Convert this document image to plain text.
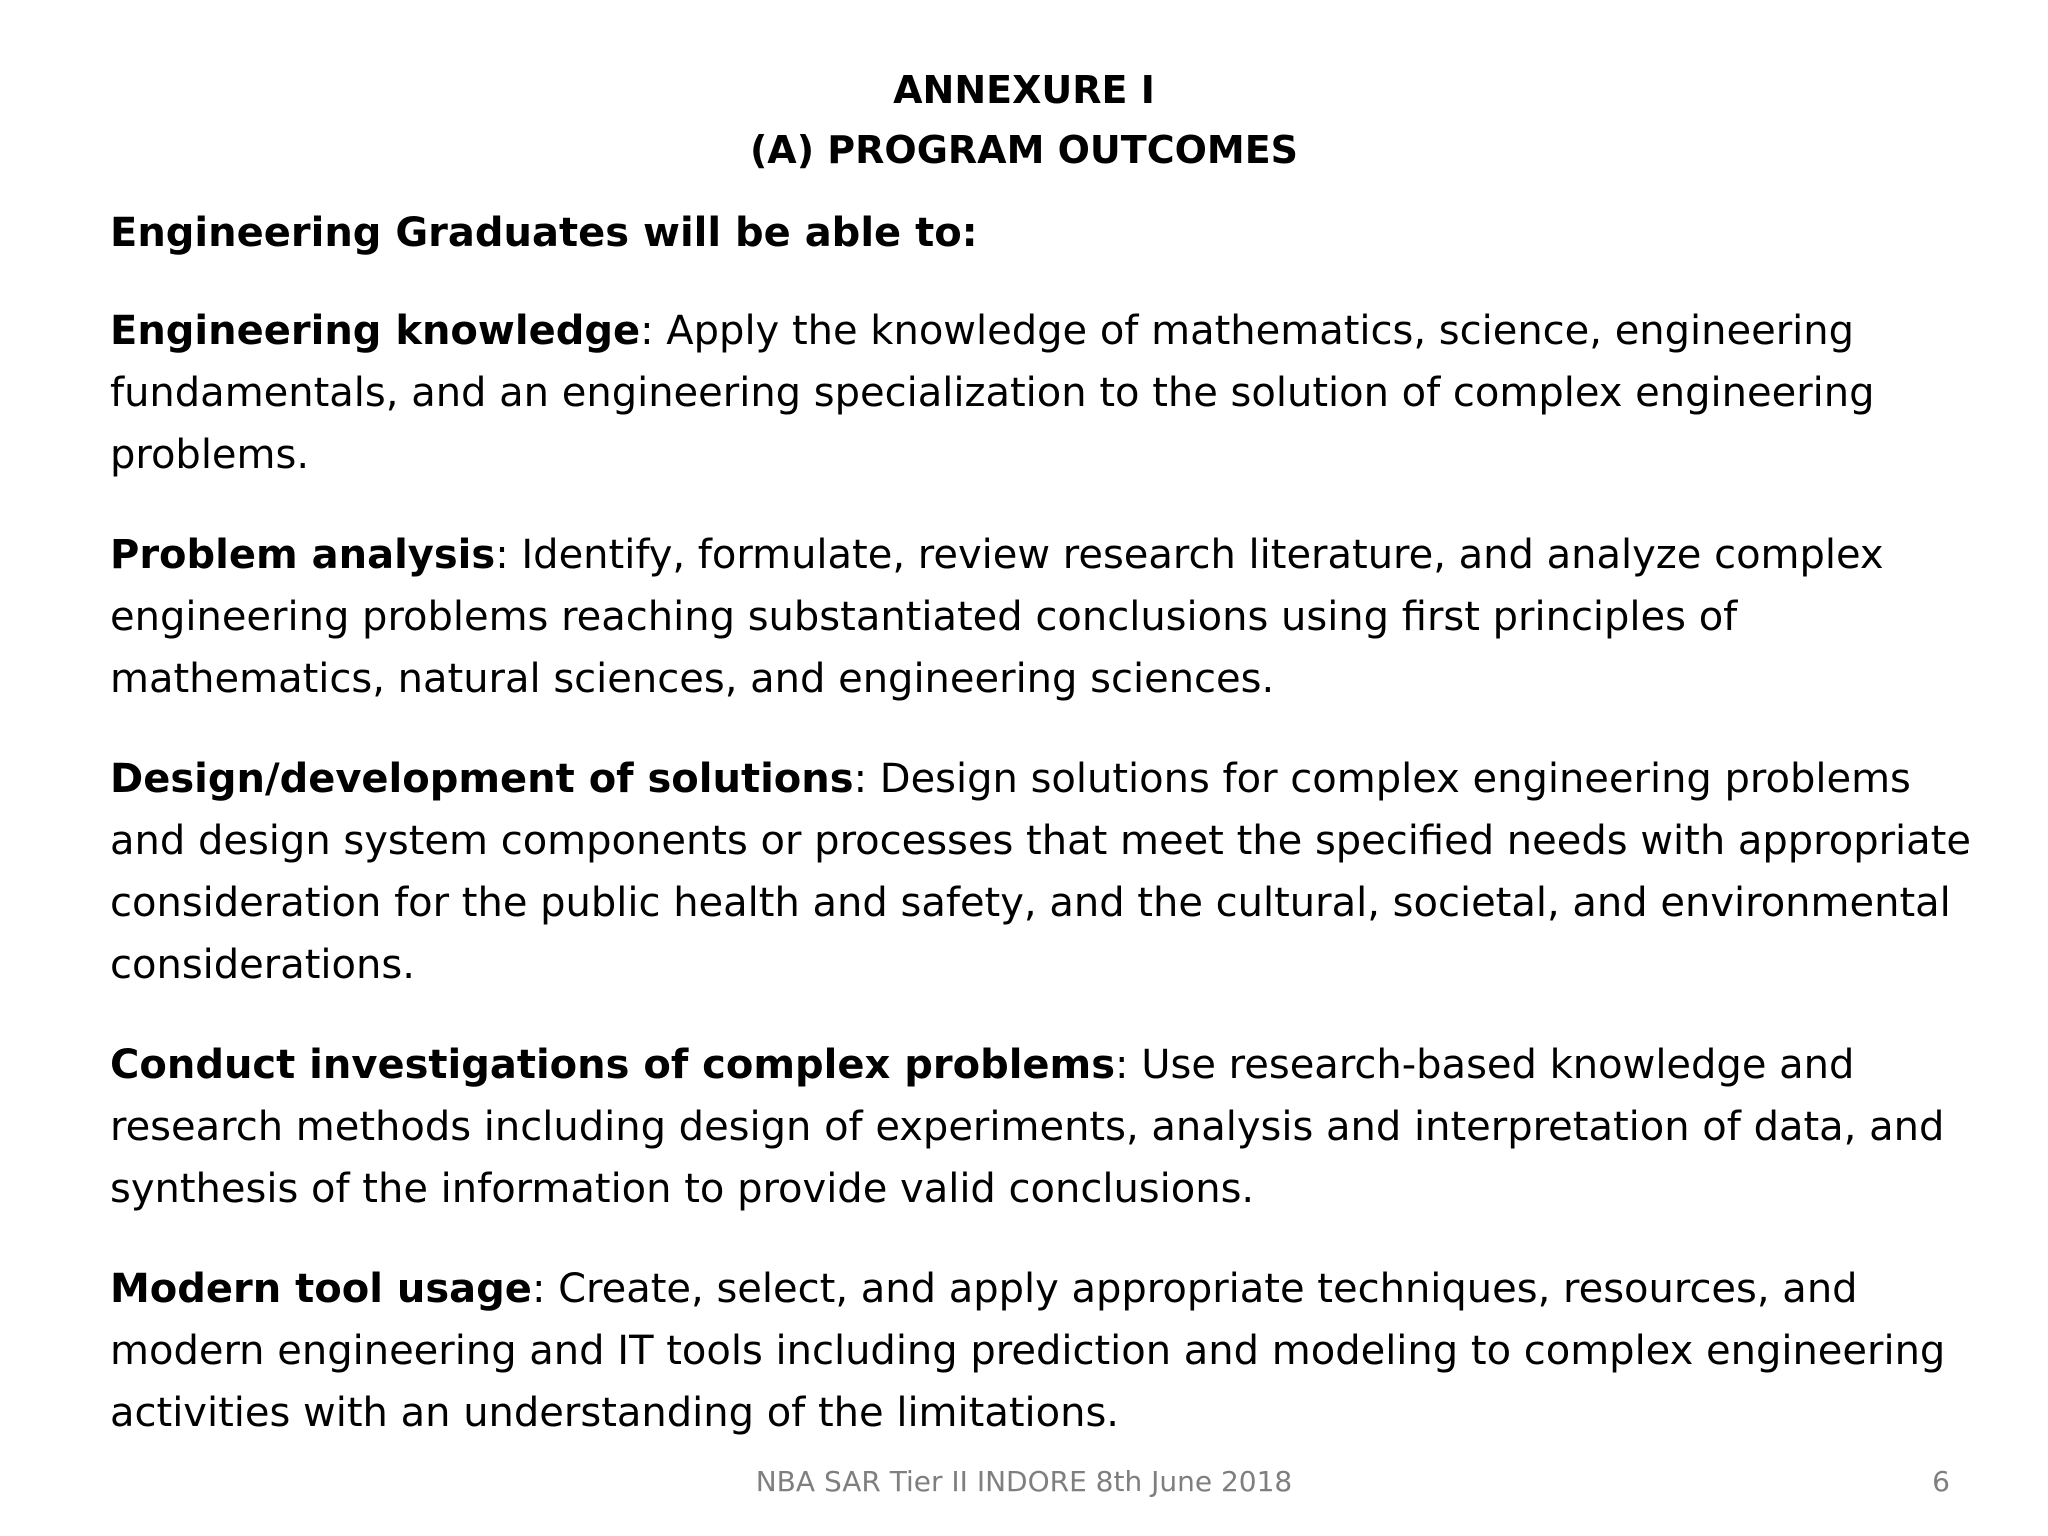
ANNEXURE I
(A) PROGRAM OUTCOMES
Engineering Graduates will be able to:

Engineering knowledge: Apply the knowledge of mathematics, science, engineering fundamentals, and an engineering specialization to the solution of complex engineering problems.

Problem analysis: Identify, formulate, review research literature, and analyze complex engineering problems reaching substantiated conclusions using first principles of mathematics, natural sciences, and engineering sciences.

Design/development of solutions: Design solutions for complex engineering problems and design system components or processes that meet the specified needs with appropriate consideration for the public health and safety, and the cultural, societal, and environmental considerations.

Conduct investigations of complex problems: Use research-based knowledge and research methods including design of experiments, analysis and interpretation of data, and synthesis of the information to provide valid conclusions.

Modern tool usage: Create, select, and apply appropriate techniques, resources, and modern engineering and IT tools including prediction and modeling to complex engineering activities with an understanding of the limitations.

NBA SAR Tier II INDORE 8th June 2018	6
